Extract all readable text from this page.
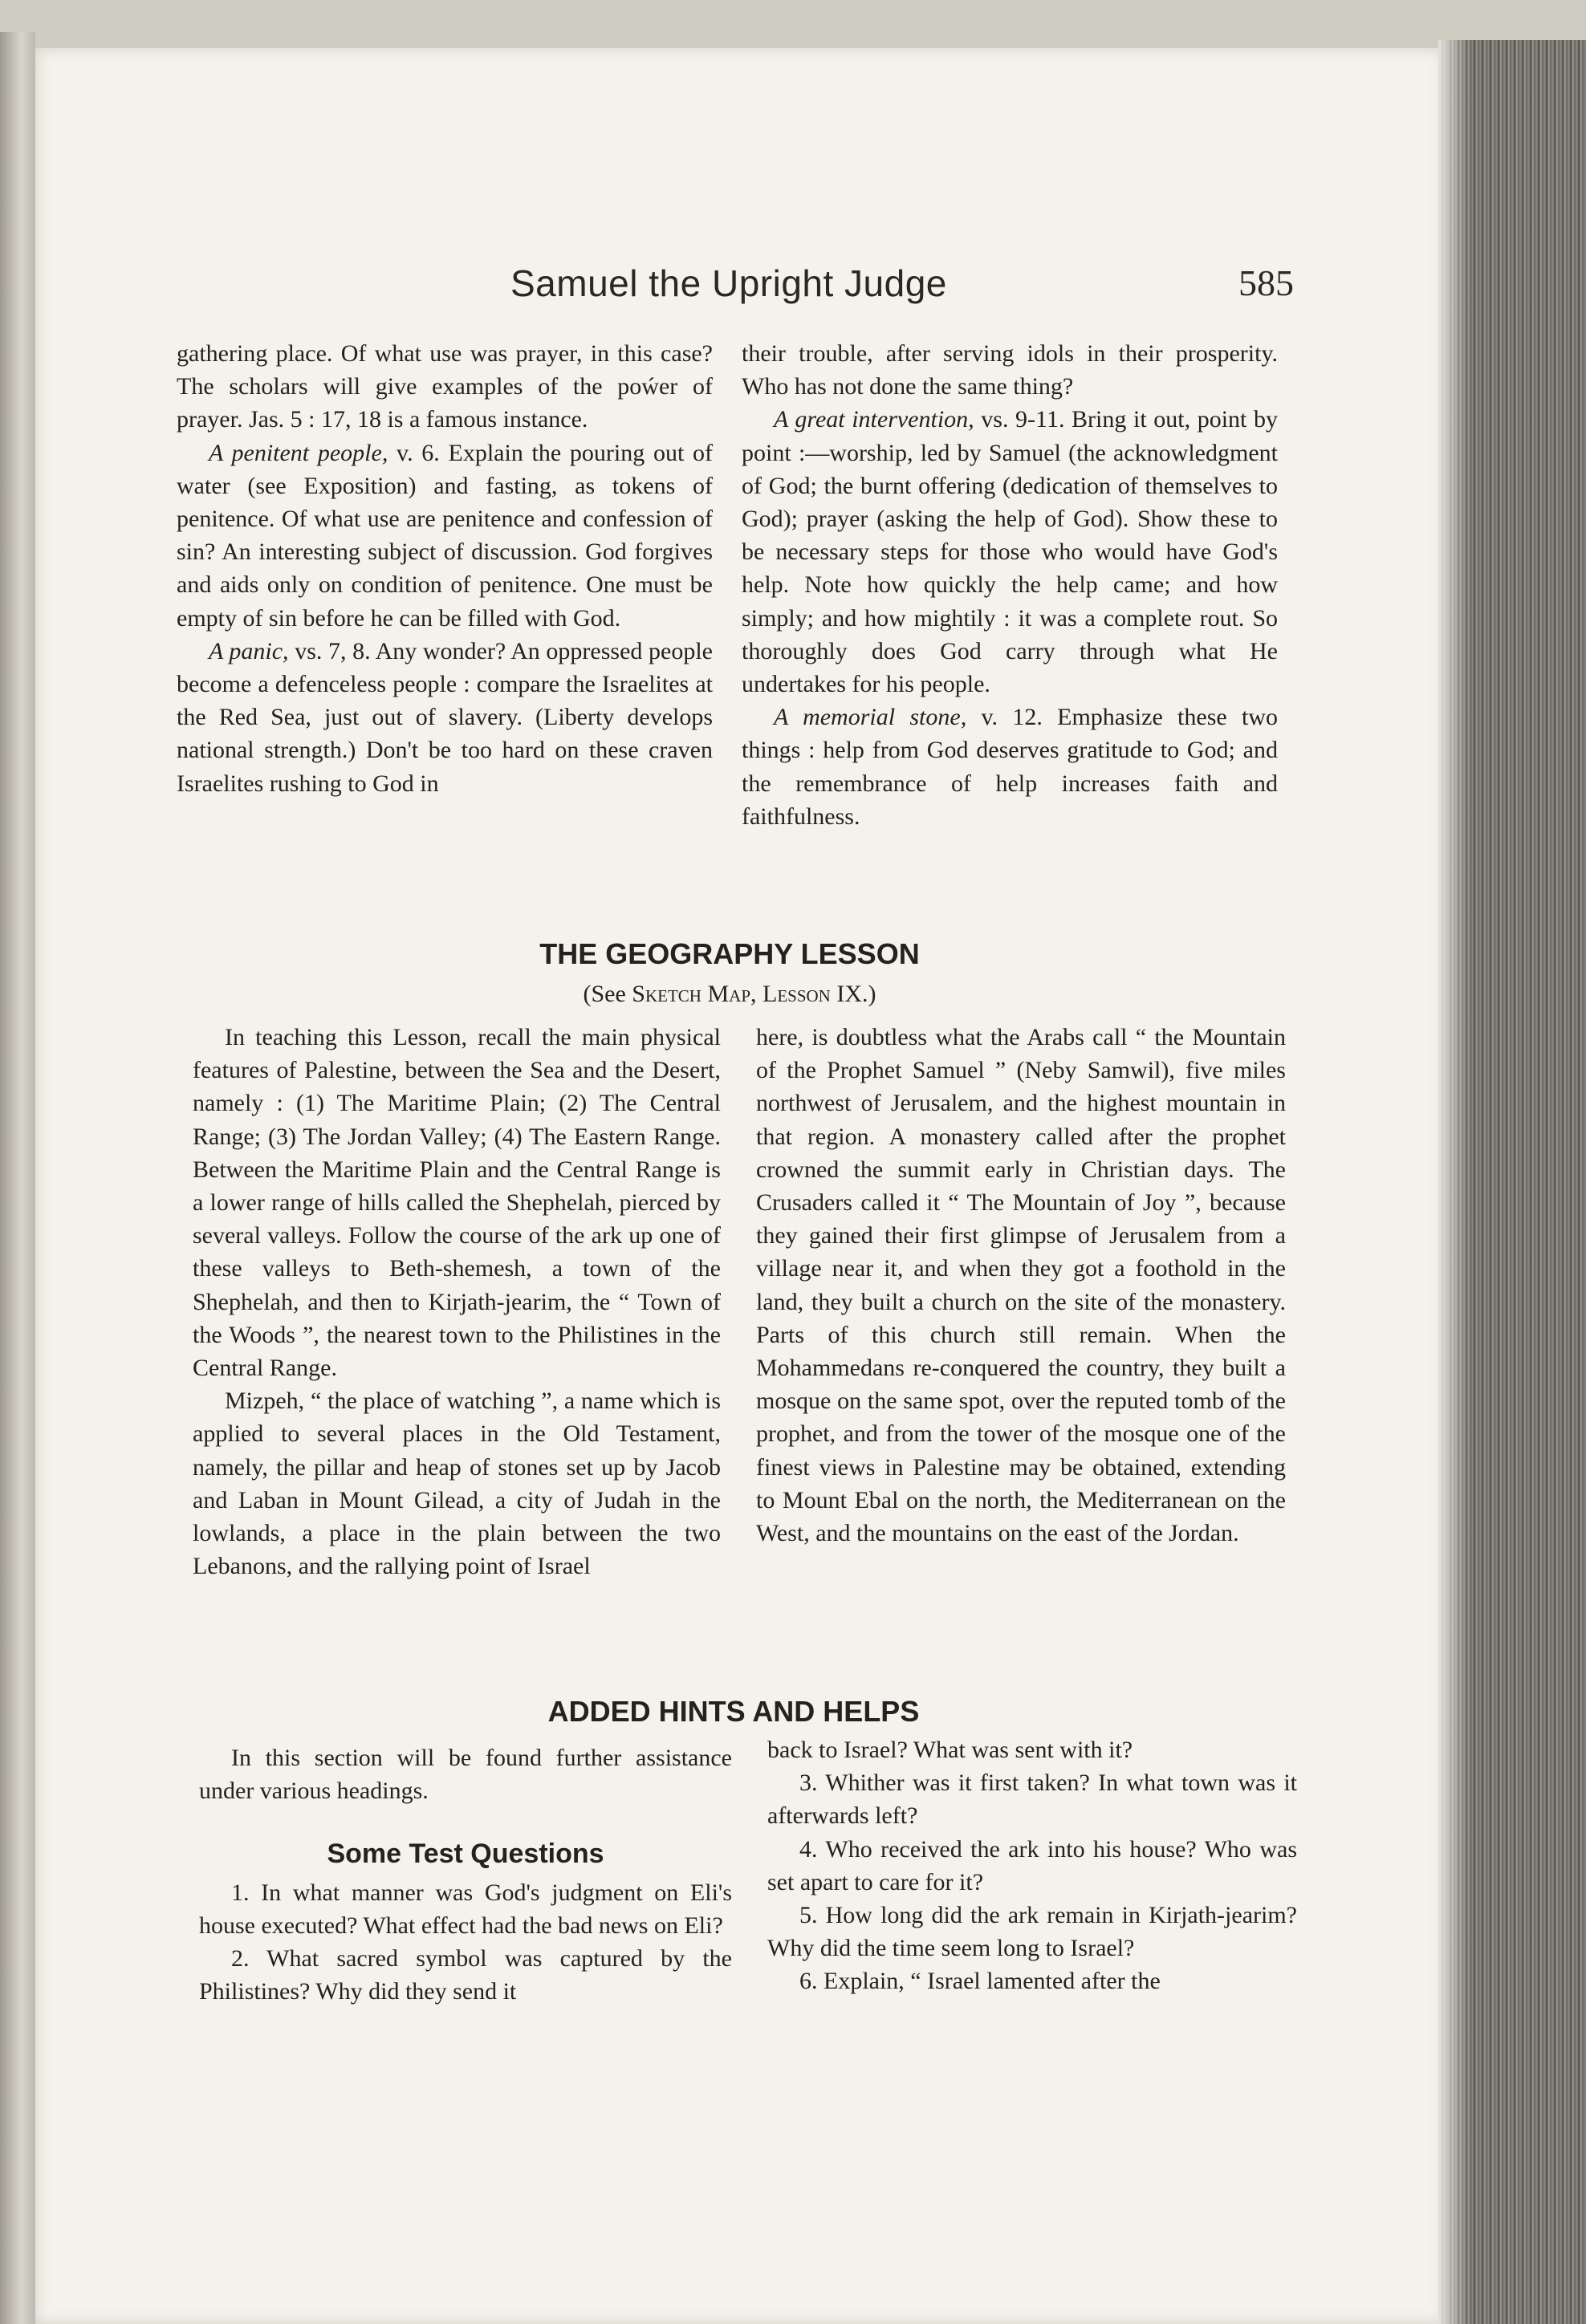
Samuel the Upright Judge	585

gathering place. Of what use was prayer, in this case? The scholars will give examples of the poẃer of prayer. Jas. 5 : 17, 18 is a famous instance.

A penitent people, v. 6. Explain the pouring out of water (see Exposition) and fasting, as tokens of penitence. Of what use are penitence and confession of sin? An interesting subject of discussion. God forgives and aids only on condition of penitence. One must be empty of sin before he can be filled with God.

A panic, vs. 7, 8. Any wonder? An oppressed people become a defenceless people : compare the Israelites at the Red Sea, just out of slavery. (Liberty develops national strength.) Don't be too hard on these craven Israelites rushing to God in

their trouble, after serving idols in their prosperity. Who has not done the same thing?

A great intervention, vs. 9-11. Bring it out, point by point :—worship, led by Samuel (the acknowledgment of God; the burnt offering (dedication of themselves to God); prayer (asking the help of God). Show these to be necessary steps for those who would have God's help. Note how quickly the help came; and how simply; and how mightily : it was a complete rout. So thoroughly does God carry through what He undertakes for his people.

A memorial stone, v. 12. Emphasize these two things : help from God deserves gratitude to God; and the remembrance of help increases faith and faithfulness.

THE GEOGRAPHY LESSON
(See Sketch Map, Lesson IX.)

In teaching this Lesson, recall the main physical features of Palestine, between the Sea and the Desert, namely : (1) The Maritime Plain; (2) The Central Range; (3) The Jordan Valley; (4) The Eastern Range. Between the Maritime Plain and the Central Range is a lower range of hills called the Shephelah, pierced by several valleys. Follow the course of the ark up one of these valleys to Beth-shemesh, a town of the Shephelah, and then to Kirjath-jearim, the “ Town of the Woods ”, the nearest town to the Philistines in the Central Range.

Mizpeh, “ the place of watching ”, a name which is applied to several places in the Old Testament, namely, the pillar and heap of stones set up by Jacob and Laban in Mount Gilead, a city of Judah in the lowlands, a place in the plain between the two Lebanons, and the rallying point of Israel

here, is doubtless what the Arabs call “ the Mountain of the Prophet Samuel ” (Neby Samwil), five miles northwest of Jerusalem, and the highest mountain in that region. A monastery called after the prophet crowned the summit early in Christian days. The Crusaders called it “ The Mountain of Joy ”, because they gained their first glimpse of Jerusalem from a village near it, and when they got a foothold in the land, they built a church on the site of the monastery. Parts of this church still remain. When the Mohammedans re-conquered the country, they built a mosque on the same spot, over the reputed tomb of the prophet, and from the tower of the mosque one of the finest views in Palestine may be obtained, extending to Mount Ebal on the north, the Mediterranean on the West, and the mountains on the east of the Jordan.

ADDED HINTS AND HELPS

In this section will be found further assistance under various headings.

Some Test Questions

1. In what manner was God's judgment on Eli's house executed? What effect had the bad news on Eli?

2. What sacred symbol was captured by the Philistines? Why did they send it

back to Israel? What was sent with it?

3. Whither was it first taken? In what town was it afterwards left?

4. Who received the ark into his house? Who was set apart to care for it?

5. How long did the ark remain in Kirjath-jearim? Why did the time seem long to Israel?

6. Explain, “ Israel lamented after the
